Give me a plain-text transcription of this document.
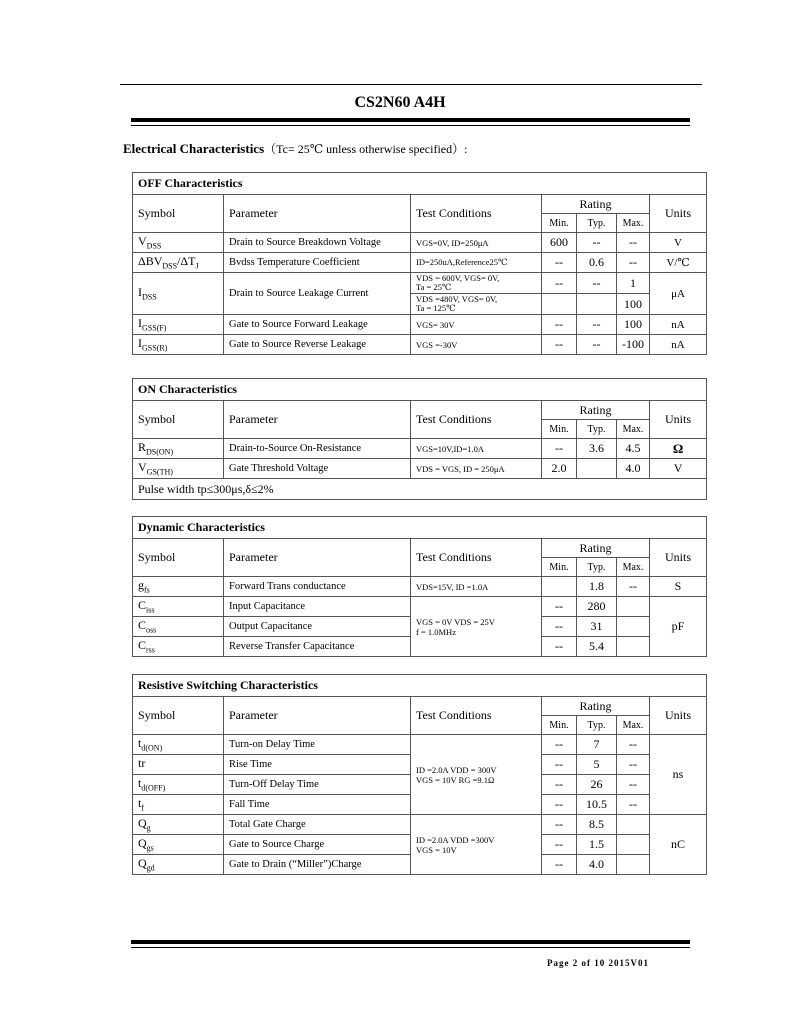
CS2N60 A4H
Electrical Characteristics（Tc= 25℃ unless otherwise specified）:
OFF Characteristics						
Symbol	Parameter	Test Conditions	Rating			Units
			Min.	Typ.	Max.	
$V_{DSS}$	Drain to Source Breakdown Voltage	VGS=0V, ID=250μA	600	--	--	V
$\Delta BV_{DSS}/\Delta T_J$	Bvdss Temperature Coefficient	ID=250uA,Reference25℃	--	0.6	--	V/℃
$I_{DSS}$	Drain to Source Leakage Current	VDS = 600V, VGS= 0V,
Ta = 25℃	--	--	1	μA

		VDS =480V, VGS= 0V,
Ta = 125℃			100	
$I_{GSS(F)}$	Gate to Source Forward Leakage	VGS= 30V	--	--	100	nA
$I_{GSS(R)}$	Gate to Source Reverse Leakage	VGS =-30V	--	--	-100	nA
ON Characteristics						
Symbol	Parameter	Test Conditions	Rating			Units
			Min.	Typ.	Max.	
$R_{DS(ON)}$	Drain-to-Source On-Resistance	VGS=10V,ID=1.0A	--	3.6	4.5	Ω
$V_{GS(TH)}$	Gate Threshold Voltage	VDS = VGS, ID = 250μA	2.0		4.0	V
Pulse width tp≤300μs,δ≤2%						
Dynamic Characteristics						
Symbol	Parameter	Test Conditions	Rating			Units
			Min.	Typ.	Max.	
$g_{fs}$	Forward Trans conductance	VDS=15V, ID =1.0A		1.8	--	S
$C_{iss}$	Input Capacitance	VGS = 0V VDS = 25V
f = 1.0MHz	--	280		pF
$C_{oss}$	Output Capacitance		--	31		
$C_{rss}$	Reverse Transfer Capacitance		--	5.4		
Resistive Switching Characteristics						
Symbol	Parameter	Test Conditions	Rating			Units
			Min.	Typ.	Max.	
$t_{d(ON)}$	Turn-on Delay Time	ID =2.0A VDD = 300V
VGS = 10V RG =9.1Ω	--	7	--	ns
tr	Rise Time		--	5	--	
$t_{d(OFF)}$	Turn-Off Delay Time		--	26	--	
$t_f$	Fall Time		--	10.5	--	
$Q_g$	Total Gate Charge	ID =2.0A VDD =300V
VGS = 10V	--	8.5		nC
$Q_{gs}$	Gate to Source Charge		--	1.5		
$Q_{gd}$	Gate to Drain (“Miller”)Charge		--	4.0		
Page 2 of 10 2015V01
